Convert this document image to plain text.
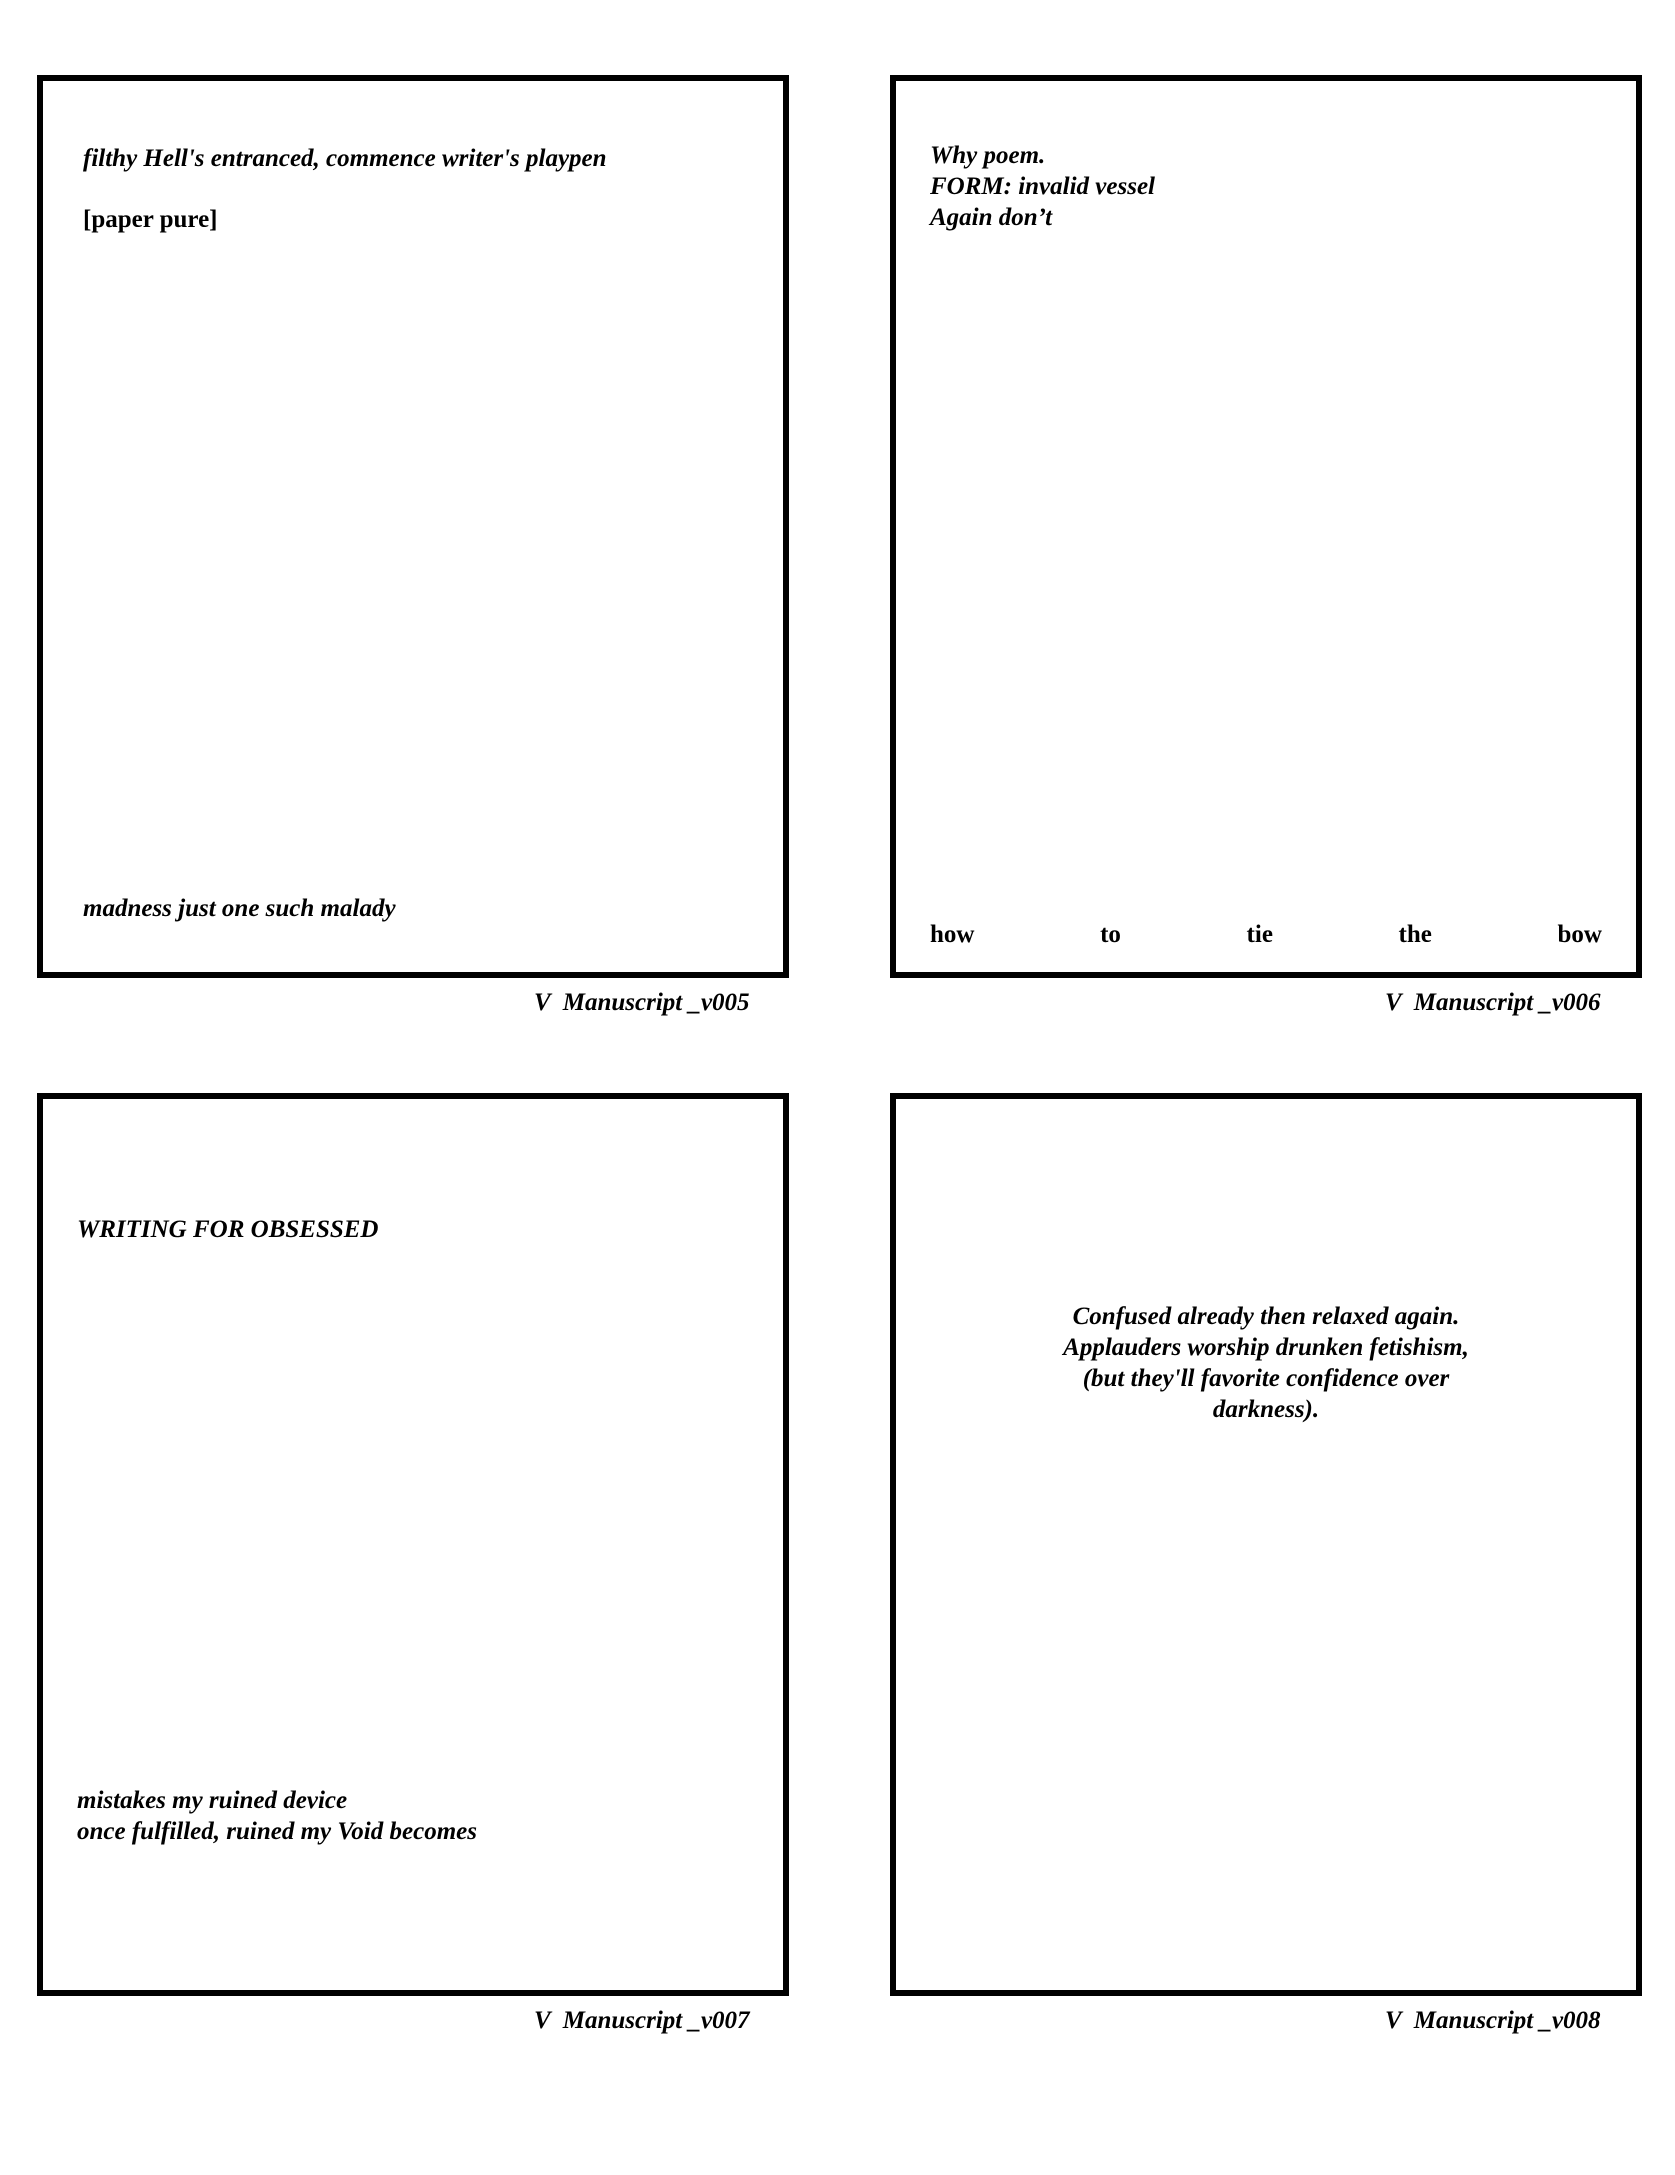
filthy Hell's entranced, commence writer's playpen
[paper pure]
madness just one such malady
V  Manuscript _v005
Why poem.
FORM: invalid vessel
Again don’t
how	to	tie	the	bow
V  Manuscript _v006
WRITING FOR OBSESSED
mistakes my ruined device
once fulfilled, ruined my Void becomes
V  Manuscript _v007
Confused already then relaxed again.
Applauders worship drunken fetishism,
(but they'll favorite confidence over
darkness).
V  Manuscript _v008
